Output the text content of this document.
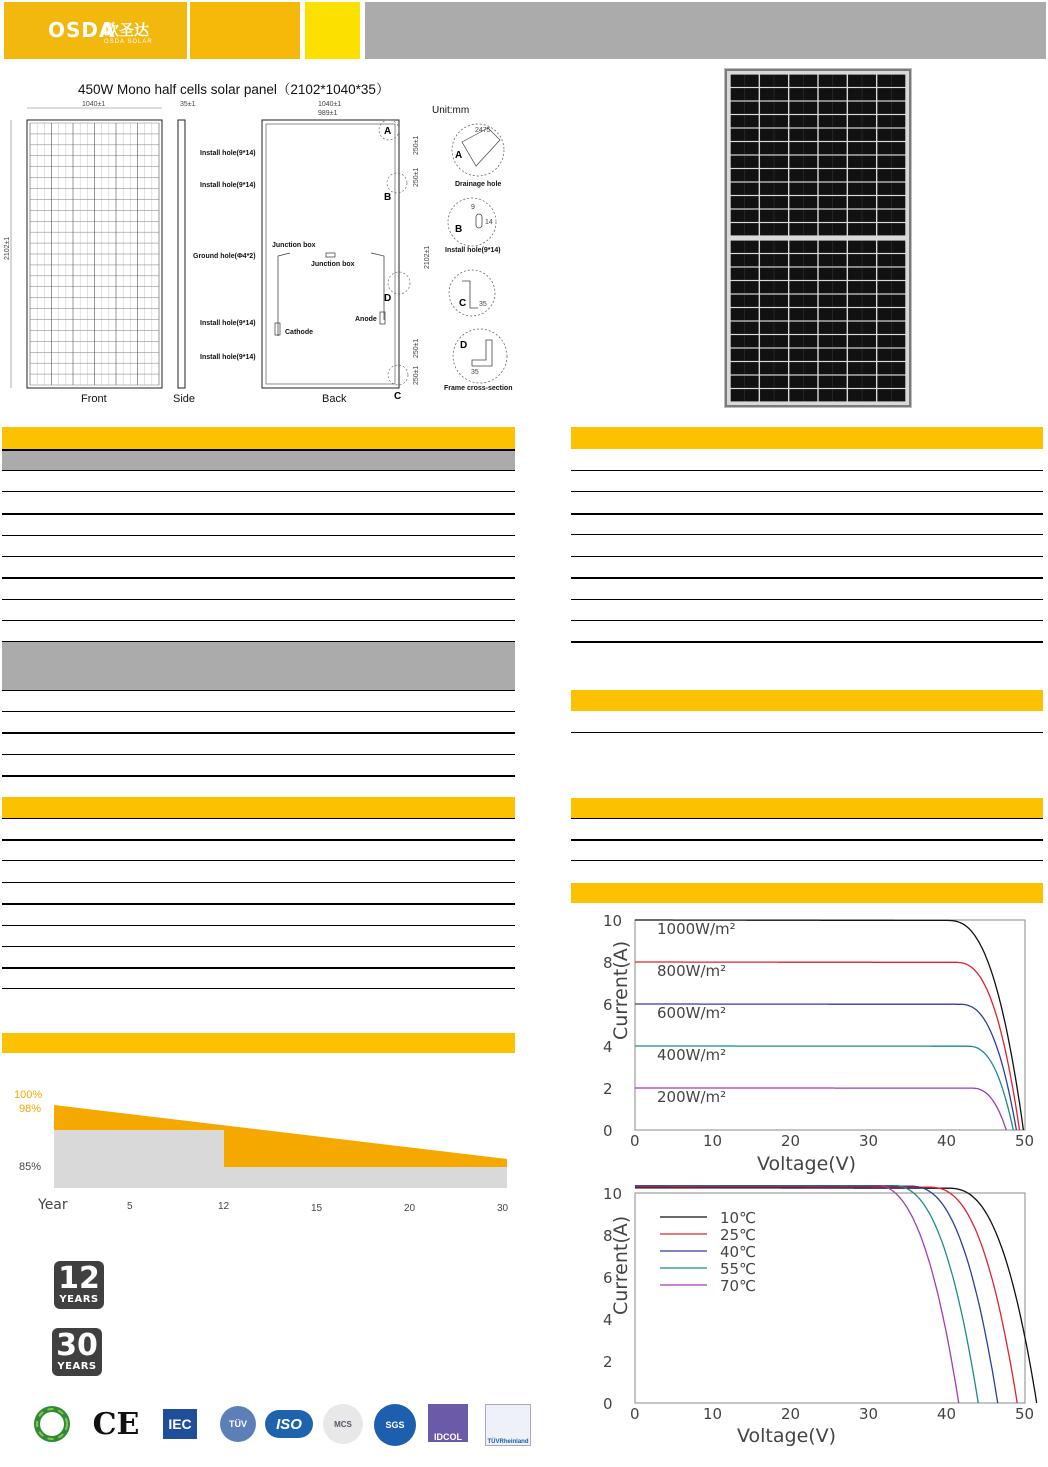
OSDA
欧圣达
OSDA SOLAR
450W Mono half cells solar panel（2102*1040*35）
Unit:mm
1040±1
2102±1
Front
35±1
Side
1040±1
989±1
Install hole(9*14)
Install hole(9*14)
Ground hole(Φ4*2)
Install hole(9*14)
Install hole(9*14)
Junction box
Junction box
Anode
Cathode
A
B
D
C
2102±1
250±1
250±1
250±1
250±1
Back
2475
A
Drainage hole
9
14
B
Install hole(9*14)
35
C
35
D
Frame cross-section
100%
98%
85%
Year	5	12	15	20	30
12
YEARS
30
YEARS
CE	IEC	TÜV	ISO	MCS	SGS
IDCOL	TÜVRheinland
0	10	20	30	40	50
0
2
4
6
8
10 1000W/m²
800W/m²
600W/m²
400W/m²
200W/m²
Voltage(V)
Current(A)
0	10	20	30	40	50
0
2
4
6
8
10
10℃
25℃
40℃
55℃
70℃
Voltage(V)
Current(A)
